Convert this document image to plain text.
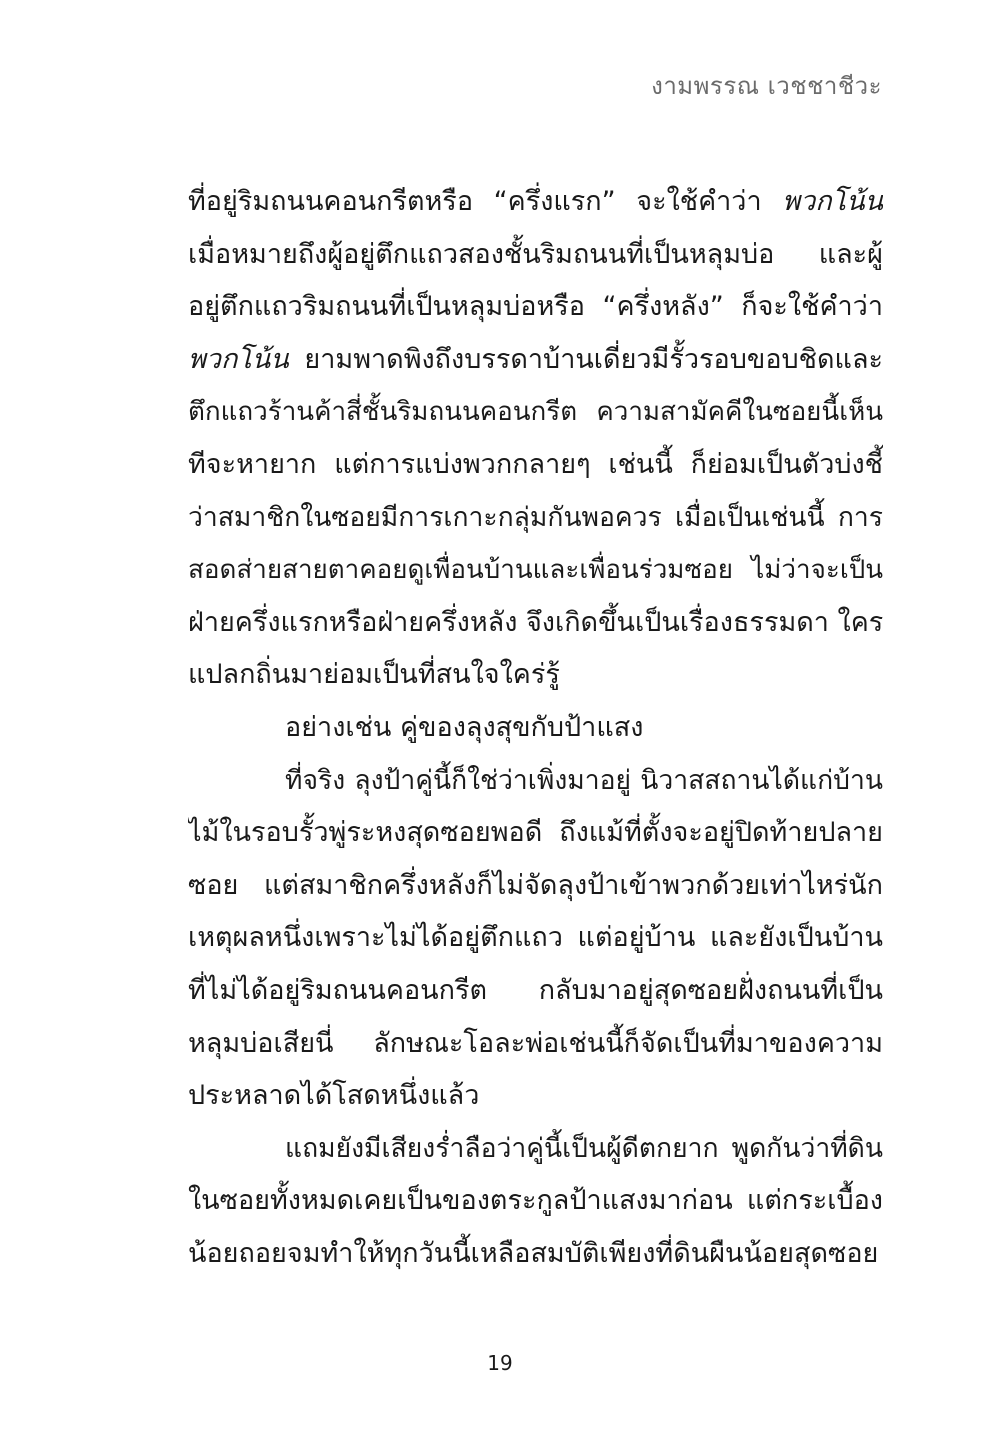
งามพรรณ เวชชาชีวะ
ที่อยู่ริมถนนคอนกรีตหรือ “ครึ่งแรก” จะใช้คำว่า พวกโน้น
เมื่อหมายถึงผู้อยู่ตึกแถวสองชั้นริมถนนที่เป็นหลุมบ่อ และผู้
อยู่ตึกแถวริมถนนที่เป็นหลุมบ่อหรือ “ครึ่งหลัง” ก็จะใช้คำว่า
พวกโน้น ยามพาดพิงถึงบรรดาบ้านเดี่ยวมีรั้วรอบขอบชิดและ
ตึกแถวร้านค้าสี่ชั้นริมถนนคอนกรีต ความสามัคคีในซอยนี้เห็น
ทีจะหายาก แต่การแบ่งพวกกลายๆ เช่นนี้ ก็ย่อมเป็นตัวบ่งชี้
ว่าสมาชิกในซอยมีการเกาะกลุ่มกันพอควร เมื่อเป็นเช่นนี้ การ
สอดส่ายสายตาคอยดูเพื่อนบ้านและเพื่อนร่วมซอย ไม่ว่าจะเป็น
ฝ่ายครึ่งแรกหรือฝ่ายครึ่งหลัง จึงเกิดขึ้นเป็นเรื่องธรรมดา ใคร
แปลกถิ่นมาย่อมเป็นที่สนใจใคร่รู้
อย่างเช่น คู่ของลุงสุขกับป้าแสง
ที่จริง ลุงป้าคู่นี้ก็ใช่ว่าเพิ่งมาอยู่ นิวาสสถานได้แก่บ้าน
ไม้ในรอบรั้วพู่ระหงสุดซอยพอดี ถึงแม้ที่ตั้งจะอยู่ปิดท้ายปลาย
ซอย แต่สมาชิกครึ่งหลังก็ไม่จัดลุงป้าเข้าพวกด้วยเท่าไหร่นัก
เหตุผลหนึ่งเพราะไม่ได้อยู่ตึกแถว แต่อยู่บ้าน และยังเป็นบ้าน
ที่ไม่ได้อยู่ริมถนนคอนกรีต กลับมาอยู่สุดซอยฝั่งถนนที่เป็น
หลุมบ่อเสียนี่ ลักษณะโอละพ่อเช่นนี้ก็จัดเป็นที่มาของความ
ประหลาดได้โสดหนึ่งแล้ว
แถมยังมีเสียงร่ำลือว่าคู่นี้เป็นผู้ดีตกยาก พูดกันว่าที่ดิน
ในซอยทั้งหมดเคยเป็นของตระกูลป้าแสงมาก่อน แต่กระเบื้อง
น้อยถอยจมทำให้ทุกวันนี้เหลือสมบัติเพียงที่ดินผืนน้อยสุดซอย
19
